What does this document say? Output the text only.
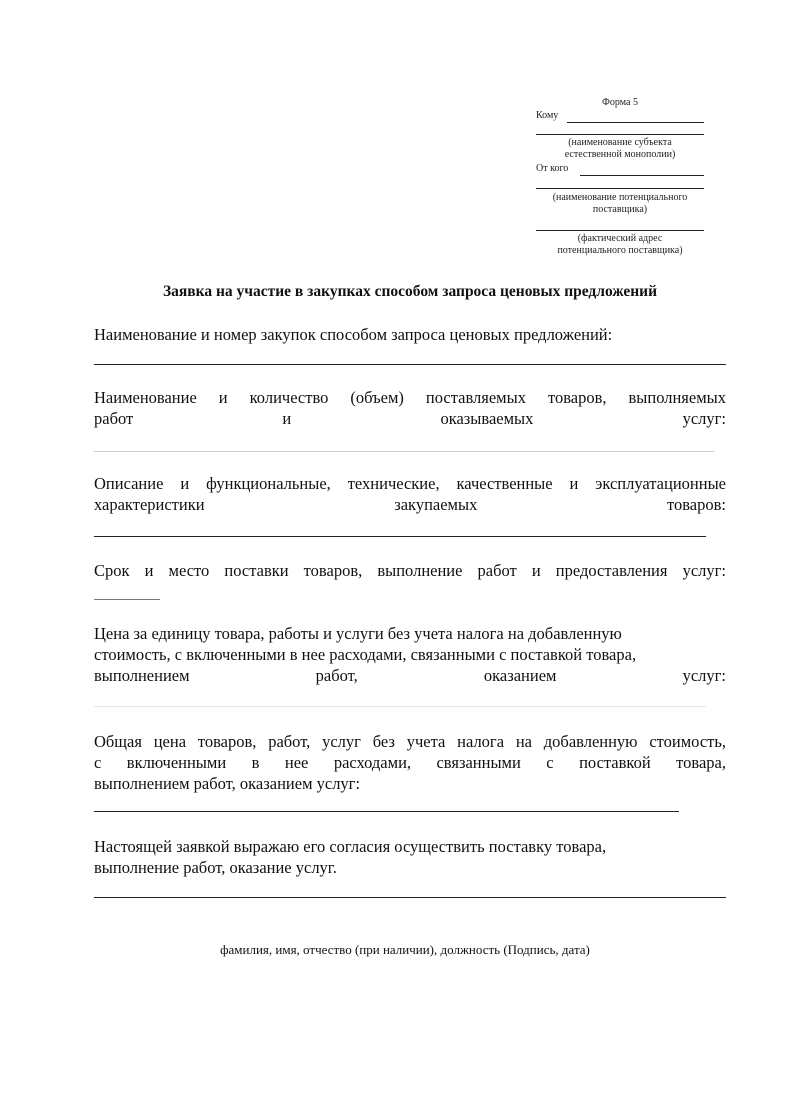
Форма 5
Кому
(наименование субъекта
естественной монополии)
От кого
(наименование потенциального
поставщика)
(фактический адрес
потенциального поставщика)
Заявка на участие в закупках способом запроса ценовых предложений
Наименование и номер закупок способом запроса ценовых предложений:
Наименование и количество (объем) поставляемых товаров, выполняемых
работ	и	оказываемых	услуг:
Описание и функциональные, технические, качественные и эксплуатационные
характеристики	закупаемых	товаров:
Срок и место поставки товаров, выполнение работ и предоставления услуг:
Цена за единицу товара, работы и услуги без учета налога на добавленную
стоимость, с включенными в нее расходами, связанными с поставкой товара,
выполнением	работ,	оказанием	услуг:
Общая цена товаров, работ, услуг без учета налога на добавленную стоимость,
с включенными в нее расходами, связанными с поставкой товара,
выполнением работ, оказанием услуг:
Настоящей заявкой выражаю его согласия осуществить поставку товара,
выполнение работ, оказание услуг.
фамилия, имя, отчество (при наличии), должность (Подпись, дата)
